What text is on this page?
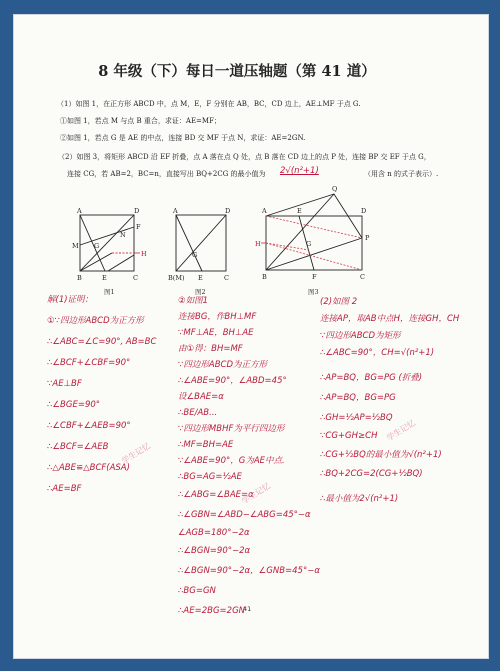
8 年级（下）每日一道压轴题（第 41 道）
（1）如图 1，在正方形 ABCD 中，点 M，E，F 分别在 AB，BC，CD 边上，AE⊥MF 于点 G.
①如图 1，若点 M 与点 B 重合，求证：AE=MF；
②如图 1，若点 G 是 AE 的中点，连接 BD 交 MF 于点 N，求证：AE=2GN.
（2）如图 3，将矩形 ABCD 沿 EF 折叠，点 A 落在点 Q 处，点 B 落在 CD 边上的点 P 处，连接 BP 交 EF 于点 G，
连接 CG，若 AB=2，BC=n，直接写出 BQ+2CG 的最小值为 2√(n²+1)	（用含 n 的式子表示）.
A	D
M
N
F
G
B	E	C
H
图1
A	D
G
B(M) E	C
图2
Q
A	E	D
P
G
H
B	F	C
图3
解(1)证明：
①∵四边形ABCD为正方形
∴∠ABC=∠C=90°, AB=BC
∴∠BCF+∠CBF=90°
∵AE⊥BF
∴∠BGE=90°
∴∠CBF+∠AEB=90°
∴∠BCF=∠AEB
∴△ABE≌△BCF(ASA)
∴AE=BF
②如图1
连接BG，作BH⊥MF
∵MF⊥AE，BH⊥AE
由①得：BH=MF
∵四边形ABCD为正方形
∴∠ABE=90°，∠ABD=45°
设∠BAE=α
∴BE/AB...
∵四边形MBHF为平行四边形
∴MF=BH=AE
∵∠ABE=90°，G为AE中点.
∴BG=AG=½AE
∴∠ABG=∠BAE=α
∴∠GBN=∠ABD−∠ABG=45°−α
∠AGB=180°−2α
∴∠BGN=90°−2α
∴∠BGN=90°−2α，∠GNB=45°−α
∴BG=GN
∴AE=2BG=2GN
(2)如图 2
连接AP，取AB中点H，连接GH，CH
∵四边形ABCD为矩形
∴∠ABC=90°，CH=√(n²+1)
∴AP=BQ，BG=PG (折叠)
∴AP=BQ，BG=PG
∴GH=½AP=½BQ
∵CG+GH≥CH
∴CG+½BQ的最小值为√(n²+1)
∴BQ+2CG=2(CG+½BQ)
∴最小值为2√(n²+1)
学生记忆
学生记忆
学生记忆
41
